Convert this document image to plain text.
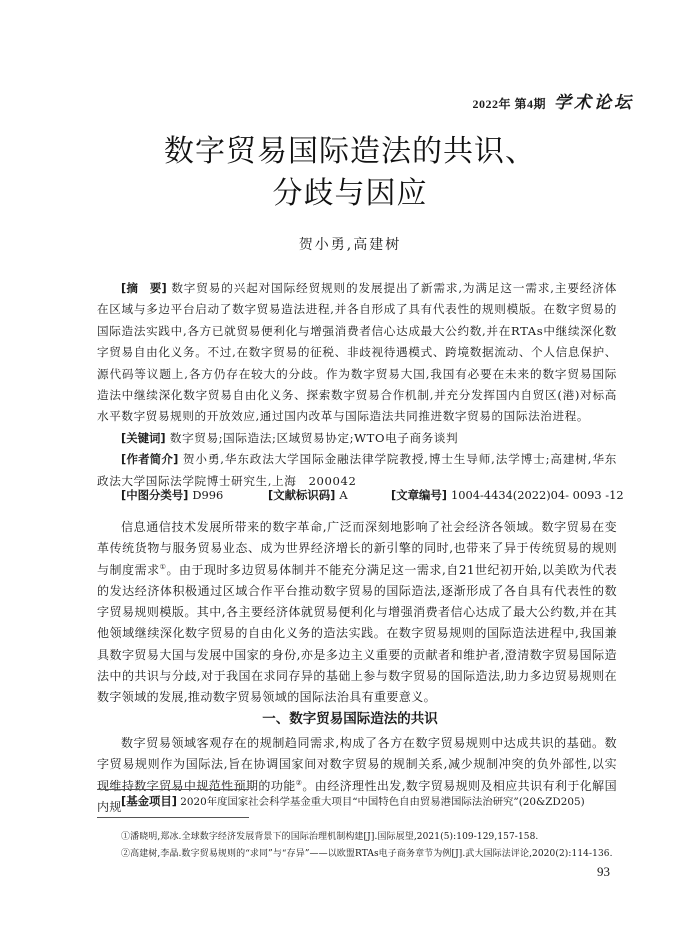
2022年 第4期 学术论坛
数字贸易国际造法的共识、
分歧与因应
贺小勇,高建树

[摘　要] 数字贸易的兴起对国际经贸规则的发展提出了新需求,为满足这一需求,主要经济体在区域与多边平台启动了数字贸易造法进程,并各自形成了具有代表性的规则模版。在数字贸易的国际造法实践中,各方已就贸易便利化与增强消费者信心达成最大公约数,并在RTAs中继续深化数字贸易自由化义务。不过,在数字贸易的征税、非歧视待遇模式、跨境数据流动、个人信息保护、源代码等议题上,各方仍存在较大的分歧。作为数字贸易大国,我国有必要在未来的数字贸易国际造法中继续深化数字贸易自由化义务、探索数字贸易合作机制,并充分发挥国内自贸区(港)对标高水平数字贸易规则的开放效应,通过国内改革与国际造法共同推进数字贸易的国际法治进程。

[关键词] 数字贸易;国际造法;区域贸易协定;WTO电子商务谈判

[作者简介] 贺小勇,华东政法大学国际金融法律学院教授,博士生导师,法学博士;高建树,华东政法大学国际法学院博士研究生,上海　200042

[中图分类号] D996	[文献标识码] A	[文章编号] 1004-4434(2022)04- 0093 -12
信息通信技术发展所带来的数字革命,广泛而深刻地影响了社会经济各领域。数字贸易在变革传统货物与服务贸易业态、成为世界经济增长的新引擎的同时,也带来了异于传统贸易的规则与制度需求①。由于现时多边贸易体制并不能充分满足这一需求,自21世纪初开始,以美欧为代表的发达经济体积极通过区域合作平台推动数字贸易的国际造法,逐渐形成了各自具有代表性的数字贸易规则模版。其中,各主要经济体就贸易便利化与增强消费者信心达成了最大公约数,并在其他领域继续深化数字贸易的自由化义务的造法实践。在数字贸易规则的国际造法进程中,我国兼具数字贸易大国与发展中国家的身份,亦是多边主义重要的贡献者和维护者,澄清数字贸易国际造法中的共识与分歧,对于我国在求同存异的基础上参与数字贸易的国际造法,助力多边贸易规则在数字领域的发展,推动数字贸易领域的国际法治具有重要意义。
一、数字贸易国际造法的共识
数字贸易领域客观存在的规制趋同需求,构成了各方在数字贸易规则中达成共识的基础。数字贸易规则作为国际法,旨在协调国家间对数字贸易的规制关系,减少规制冲突的负外部性,以实现维持数字贸易中规范性预期的功能②。由经济理性出发,数字贸易规则及相应共识有利于化解国内规 [基金项目] 2020年度国家社会科学基金重大项目“中国特色自由贸易港国际法治研究”(20&ZD205)
①潘晓明,郑冰.全球数字经济发展背景下的国际治理机制构建[J].国际展望,2021(5):109-129,157-158.
②高建树,李晶.数字贸易规则的“求同”与“存异”——以欧盟RTAs电子商务章节为例[J].武大国际法评论,2020(2):114-136.
93
